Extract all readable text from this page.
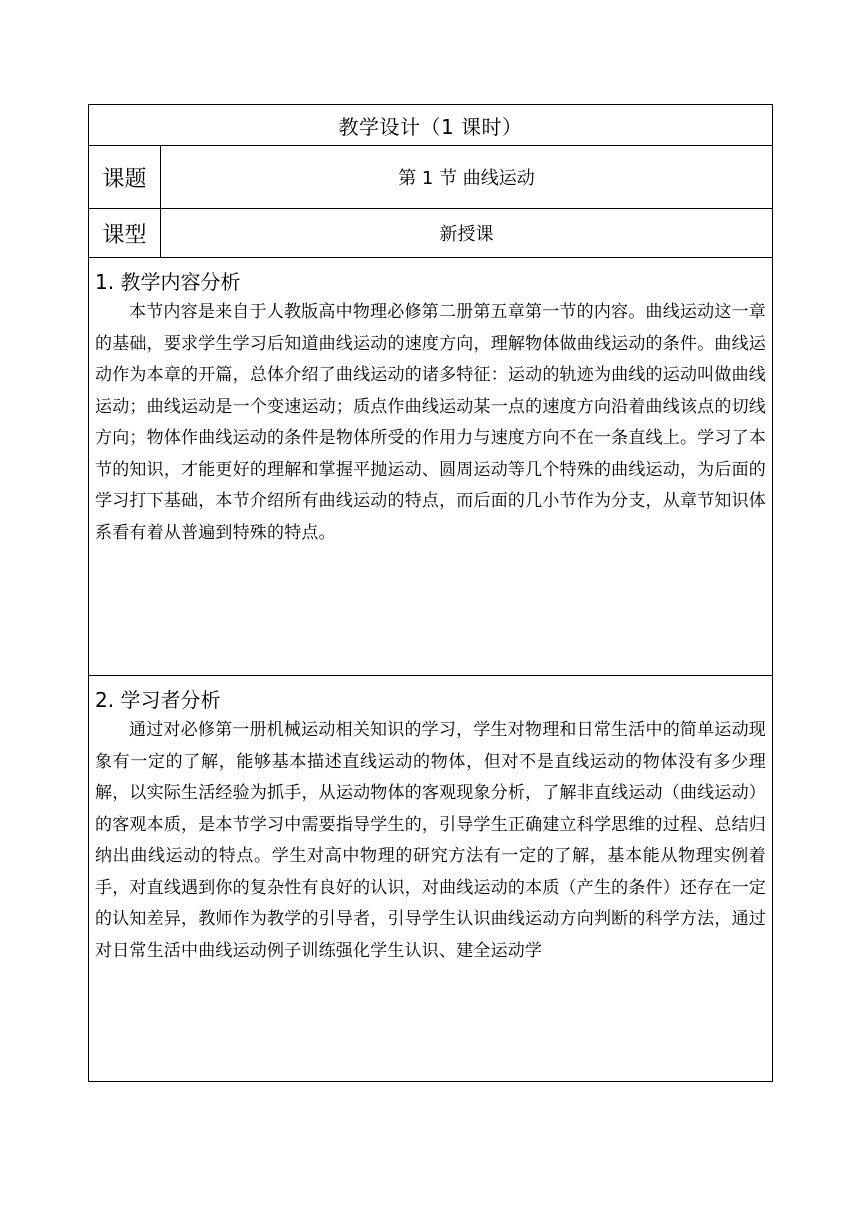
教学设计（1 课时）	
课题	第 1 节 曲线运动
课型	新授课

1. 教学内容分析

本节内容是来自于人教版高中物理必修第二册第五章第一节的内容。曲线运动这一章的基础，要求学生学习后知道曲线运动的速度方向，理解物体做曲线运动的条件。曲线运动作为本章的开篇，总体介绍了曲线运动的诸多特征：运动的轨迹为曲线的运动叫做曲线运动；曲线运动是一个变速运动；质点作曲线运动某一点的速度方向沿着曲线该点的切线方向；物体作曲线运动的条件是物体所受的作用力与速度方向不在一条直线上。学习了本节的知识，才能更好的理解和掌握平抛运动、圆周运动等几个特殊的曲线运动，为后面的学习打下基础，本节介绍所有曲线运动的特点，而后面的几小节作为分支，从章节知识体系看有着从普遍到特殊的特点。	

2. 学习者分析

通过对必修第一册机械运动相关知识的学习，学生对物理和日常生活中的简单运动现象有一定的了解，能够基本描述直线运动的物体，但对不是直线运动的物体没有多少理解，以实际生活经验为抓手，从运动物体的客观现象分析，了解非直线运动（曲线运动）的客观本质，是本节学习中需要指导学生的，引导学生正确建立科学思维的过程、总结归纳出曲线运动的特点。学生对高中物理的研究方法有一定的了解，基本能从物理实例着手，对直线遇到你的复杂性有良好的认识，对曲线运动的本质（产生的条件）还存在一定的认知差异，教师作为教学的引导者，引导学生认识曲线运动方向判断的科学方法，通过对日常生活中曲线运动例子训练强化学生认识、建全运动学	
